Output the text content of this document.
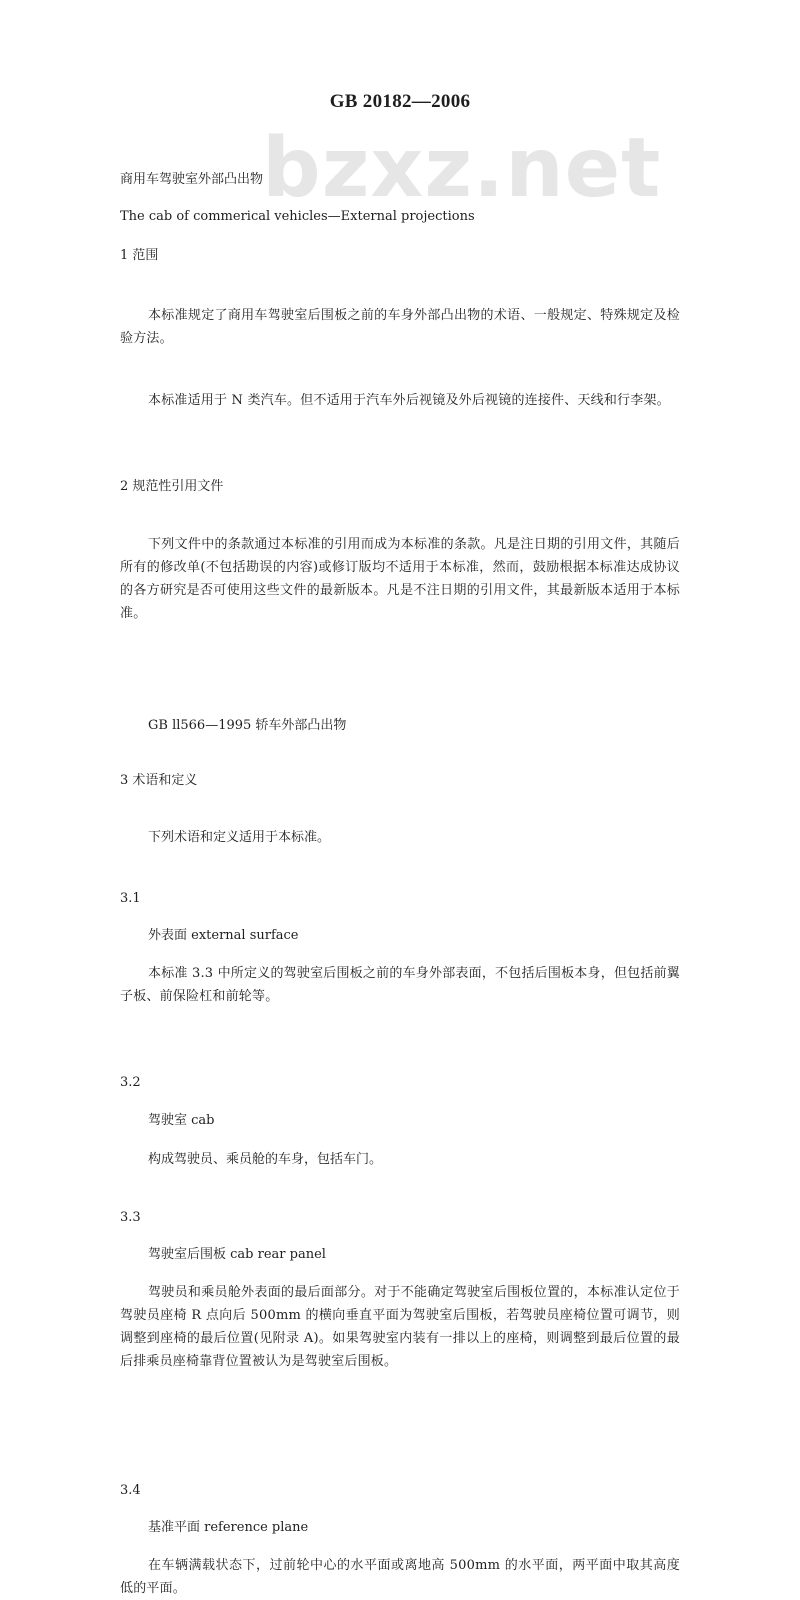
bzxz.net
GB 20182—2006
商用车驾驶室外部凸出物
The cab of commerical vehicles—External projections
1 范围
本标准规定了商用车驾驶室后围板之前的车身外部凸出物的术语、一般规定、特殊规定及检验方法。
本标准适用于 N 类汽车。但不适用于汽车外后视镜及外后视镜的连接件、天线和行李架。
2 规范性引用文件
下列文件中的条款通过本标准的引用而成为本标准的条款。凡是注日期的引用文件，其随后所有的修改单(不包括勘误的内容)或修订版均不适用于本标准，然而，鼓励根据本标准达成协议的各方研究是否可使用这些文件的最新版本。凡是不注日期的引用文件，其最新版本适用于本标准。
GB ll566—1995 轿车外部凸出物
3 术语和定义
下列术语和定义适用于本标准。
3.1
外表面 external surface
本标准 3.3 中所定义的驾驶室后围板之前的车身外部表面，不包括后围板本身，但包括前翼子板、前保险杠和前轮等。
3.2
驾驶室 cab
构成驾驶员、乘员舱的车身，包括车门。
3.3
驾驶室后围板 cab rear panel
驾驶员和乘员舱外表面的最后面部分。对于不能确定驾驶室后围板位置的，本标准认定位于驾驶员座椅 R 点向后 500mm 的横向垂直平面为驾驶室后围板，若驾驶员座椅位置可调节，则调整到座椅的最后位置(见附录 A)。如果驾驶室内装有一排以上的座椅，则调整到最后位置的最后排乘员座椅靠背位置被认为是驾驶室后围板。
3.4
基准平面 reference plane
在车辆满载状态下，过前轮中心的水平面或离地高 500mm 的水平面，两平面中取其高度低的平面。
